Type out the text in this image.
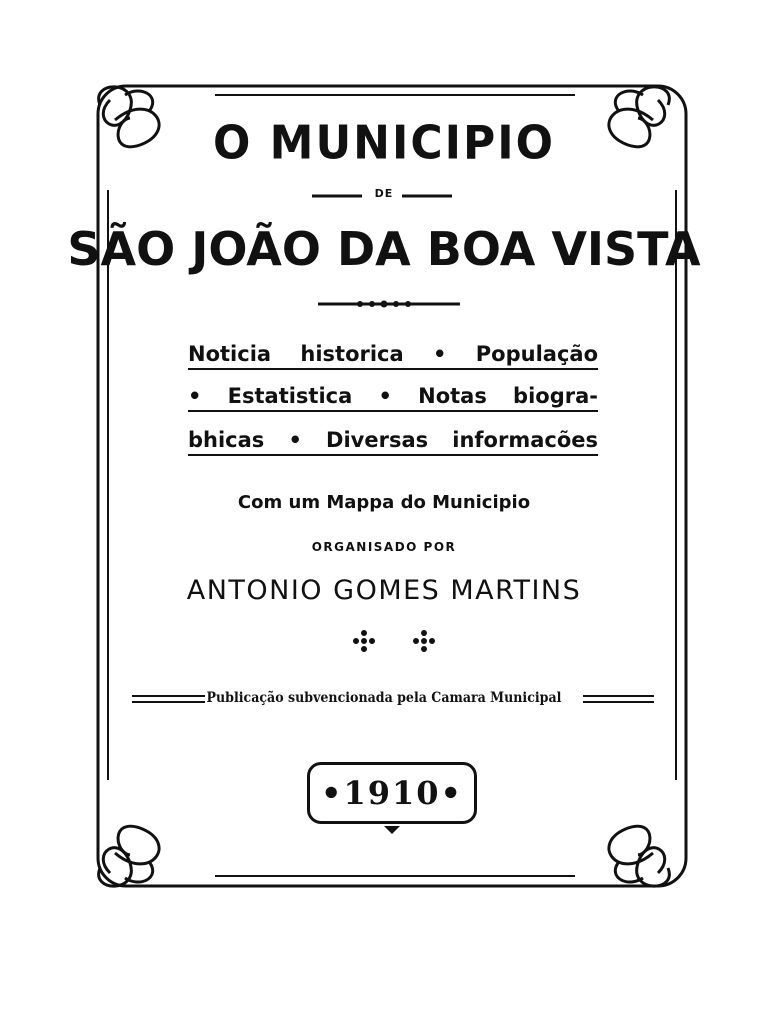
O MUNICIPIO
DE
SÃO JOÃO DA BOA VISTA
Noticia historica • População
• Estatistica • Notas biogra-
bhicas • Diversas informacões
Com um Mappa do Municipio
ORGANISADO POR
ANTONIO GOMES MARTINS
Publicação subvencionada pela Camara Municipal
•1910•
